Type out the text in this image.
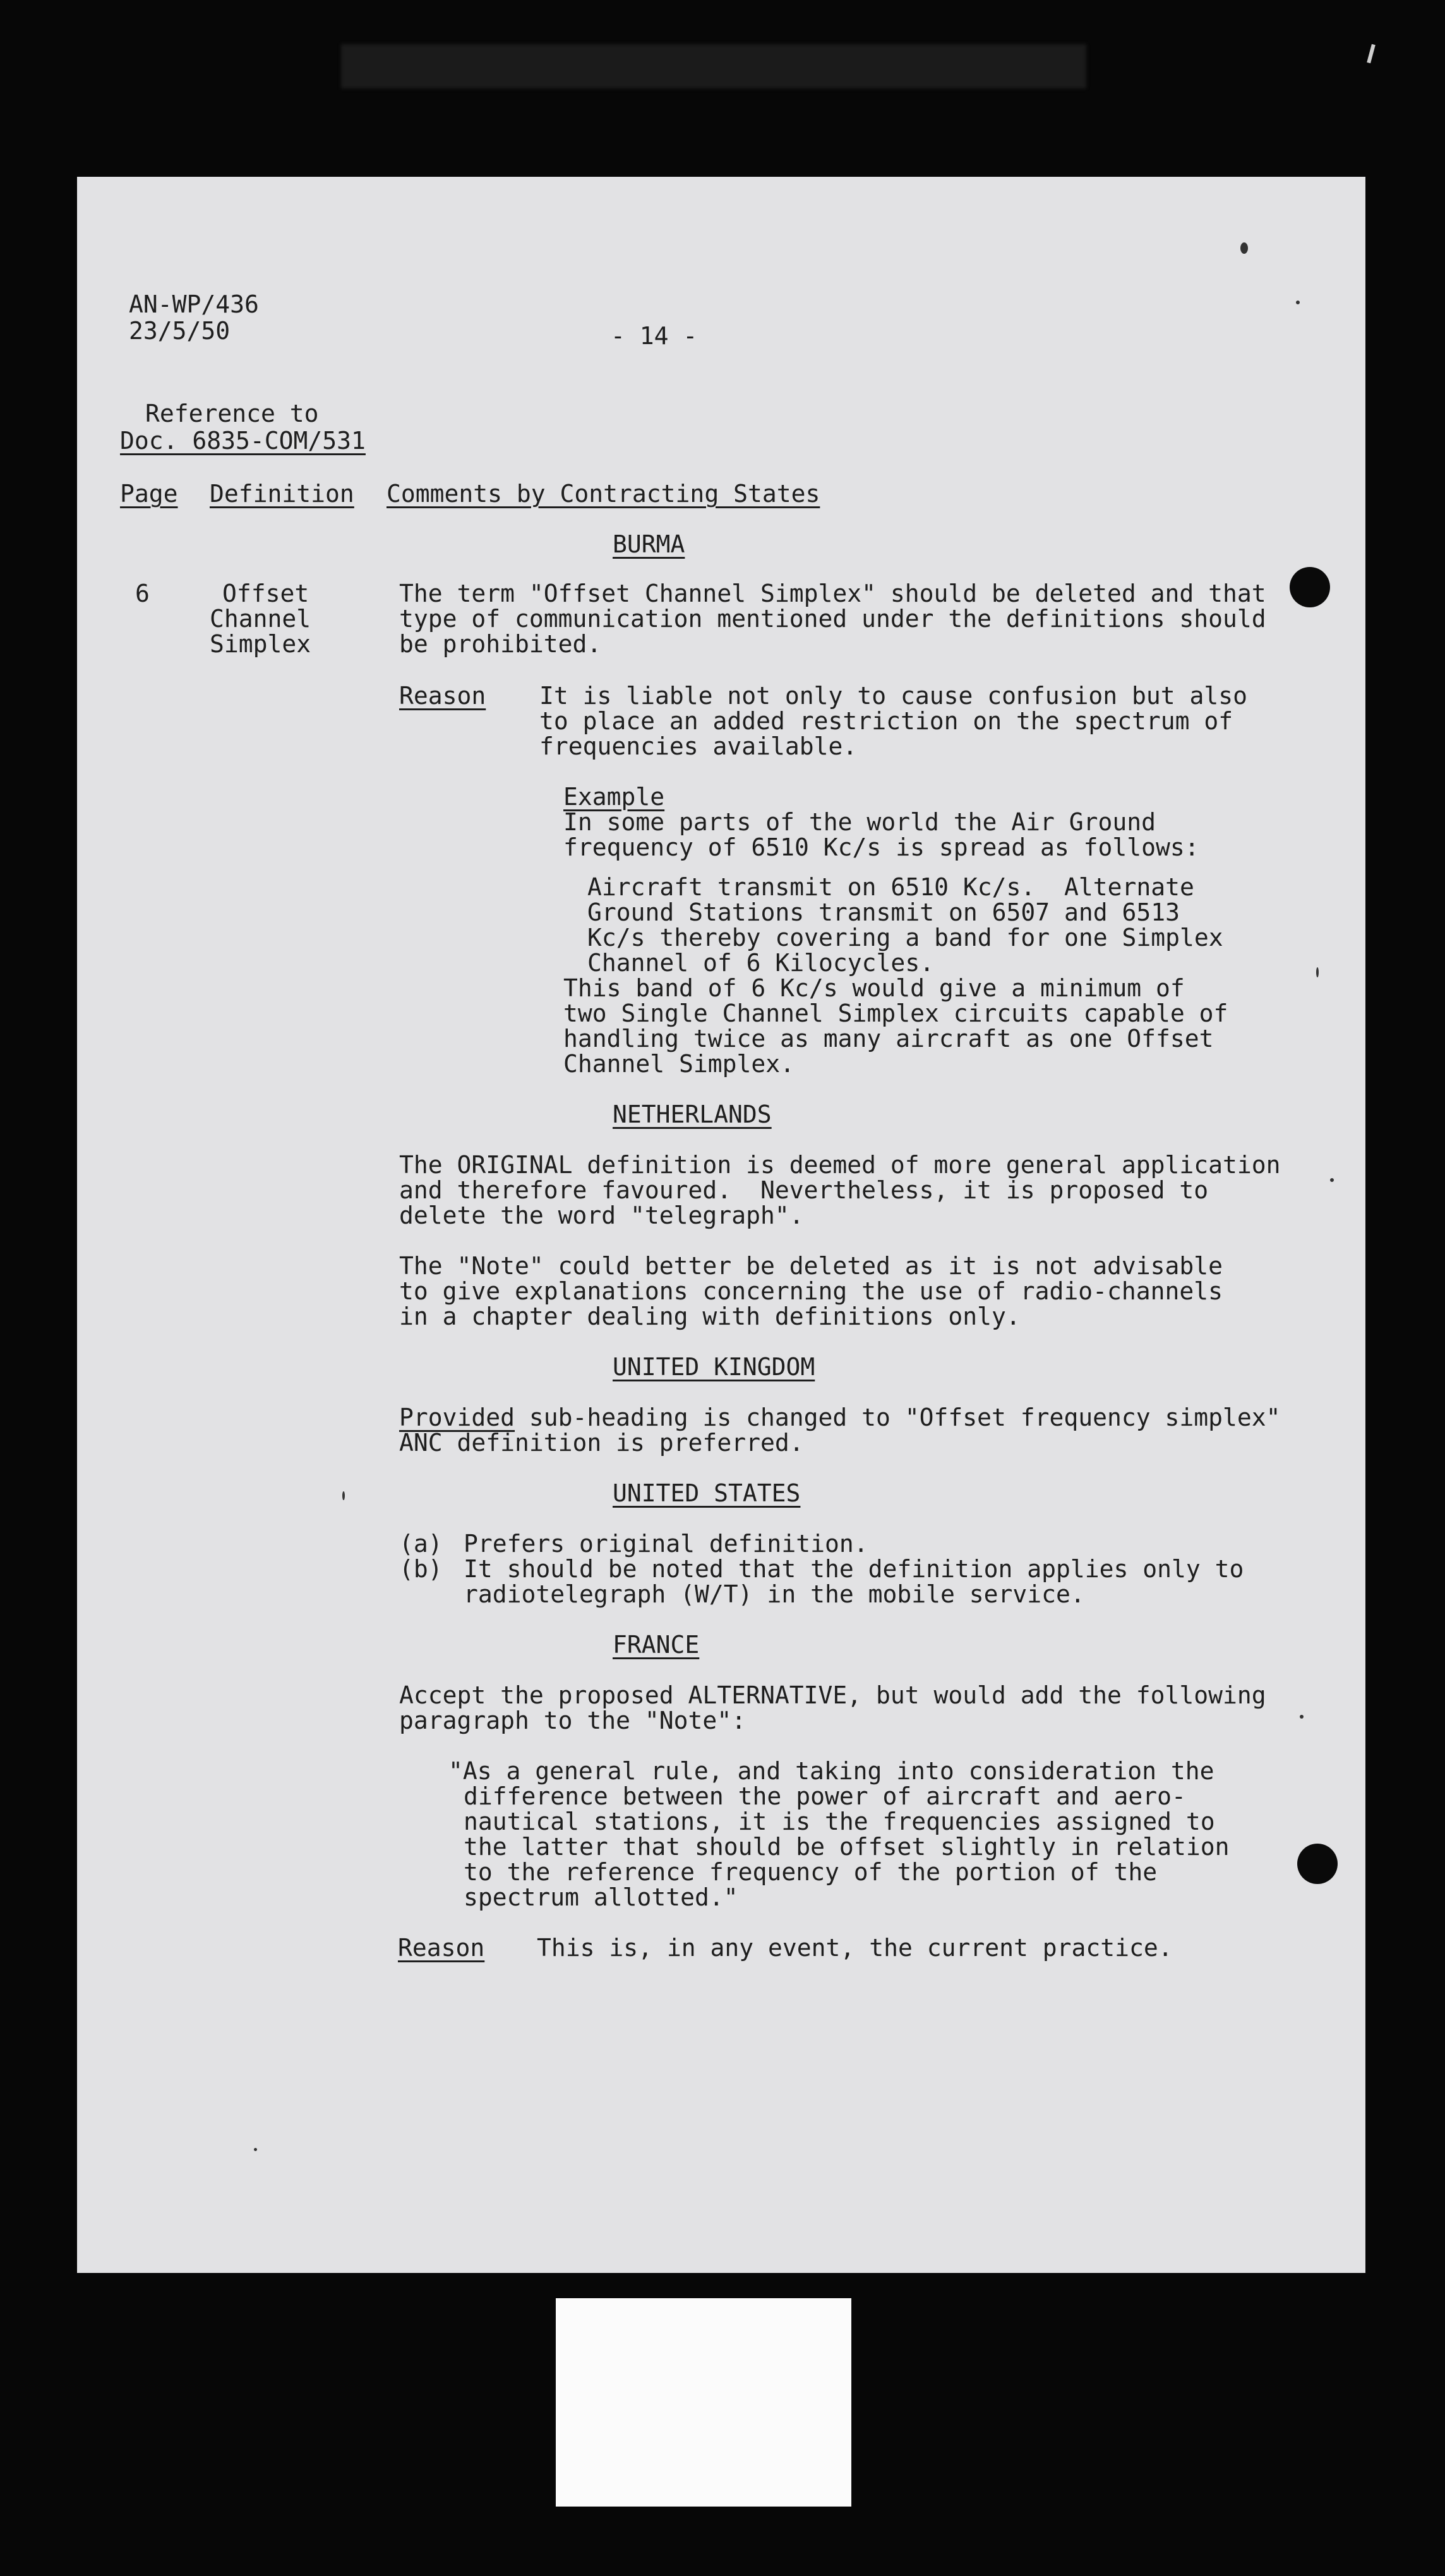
AN-WP/436

23/5/50	- 14 -

Reference to

Doc. 6835-COM/531

Page Definition Comments by Contracting States

BURMA

6	Offset

Channel

Simplex

The term "Offset Channel Simplex" should be deleted and that

type of communication mentioned under the definitions should

be prohibited.

Reason It is liable not only to cause confusion but also

to place an added restriction on the spectrum of

frequencies available.

Example

In some parts of the world the Air Ground

frequency of 6510 Kc/s is spread as follows:

Aircraft transmit on 6510 Kc/s.  Alternate

Ground Stations transmit on 6507 and 6513

Kc/s thereby covering a band for one Simplex

Channel of 6 Kilocycles.

This band of 6 Kc/s would give a minimum of

two Single Channel Simplex circuits capable of

handling twice as many aircraft as one Offset

Channel Simplex.

NETHERLANDS

The ORIGINAL definition is deemed of more general application

and therefore favoured.  Nevertheless, it is proposed to

delete the word "telegraph".

The "Note" could better be deleted as it is not advisable

to give explanations concerning the use of radio-channels

in a chapter dealing with definitions only.

UNITED KINGDOM

Provided sub-heading is changed to "Offset frequency simplex"

ANC definition is preferred.

UNITED STATES

(a) Prefers original definition.

(b) It should be noted that the definition applies only to

radiotelegraph (W/T) in the mobile service.

FRANCE

Accept the proposed ALTERNATIVE, but would add the following

paragraph to the "Note":

"As a general rule, and taking into consideration the

difference between the power of aircraft and aero-

nautical stations, it is the frequencies assigned to

the latter that should be offset slightly in relation

to the reference frequency of the portion of the

spectrum allotted."

Reason This is, in any event, the current practice.
